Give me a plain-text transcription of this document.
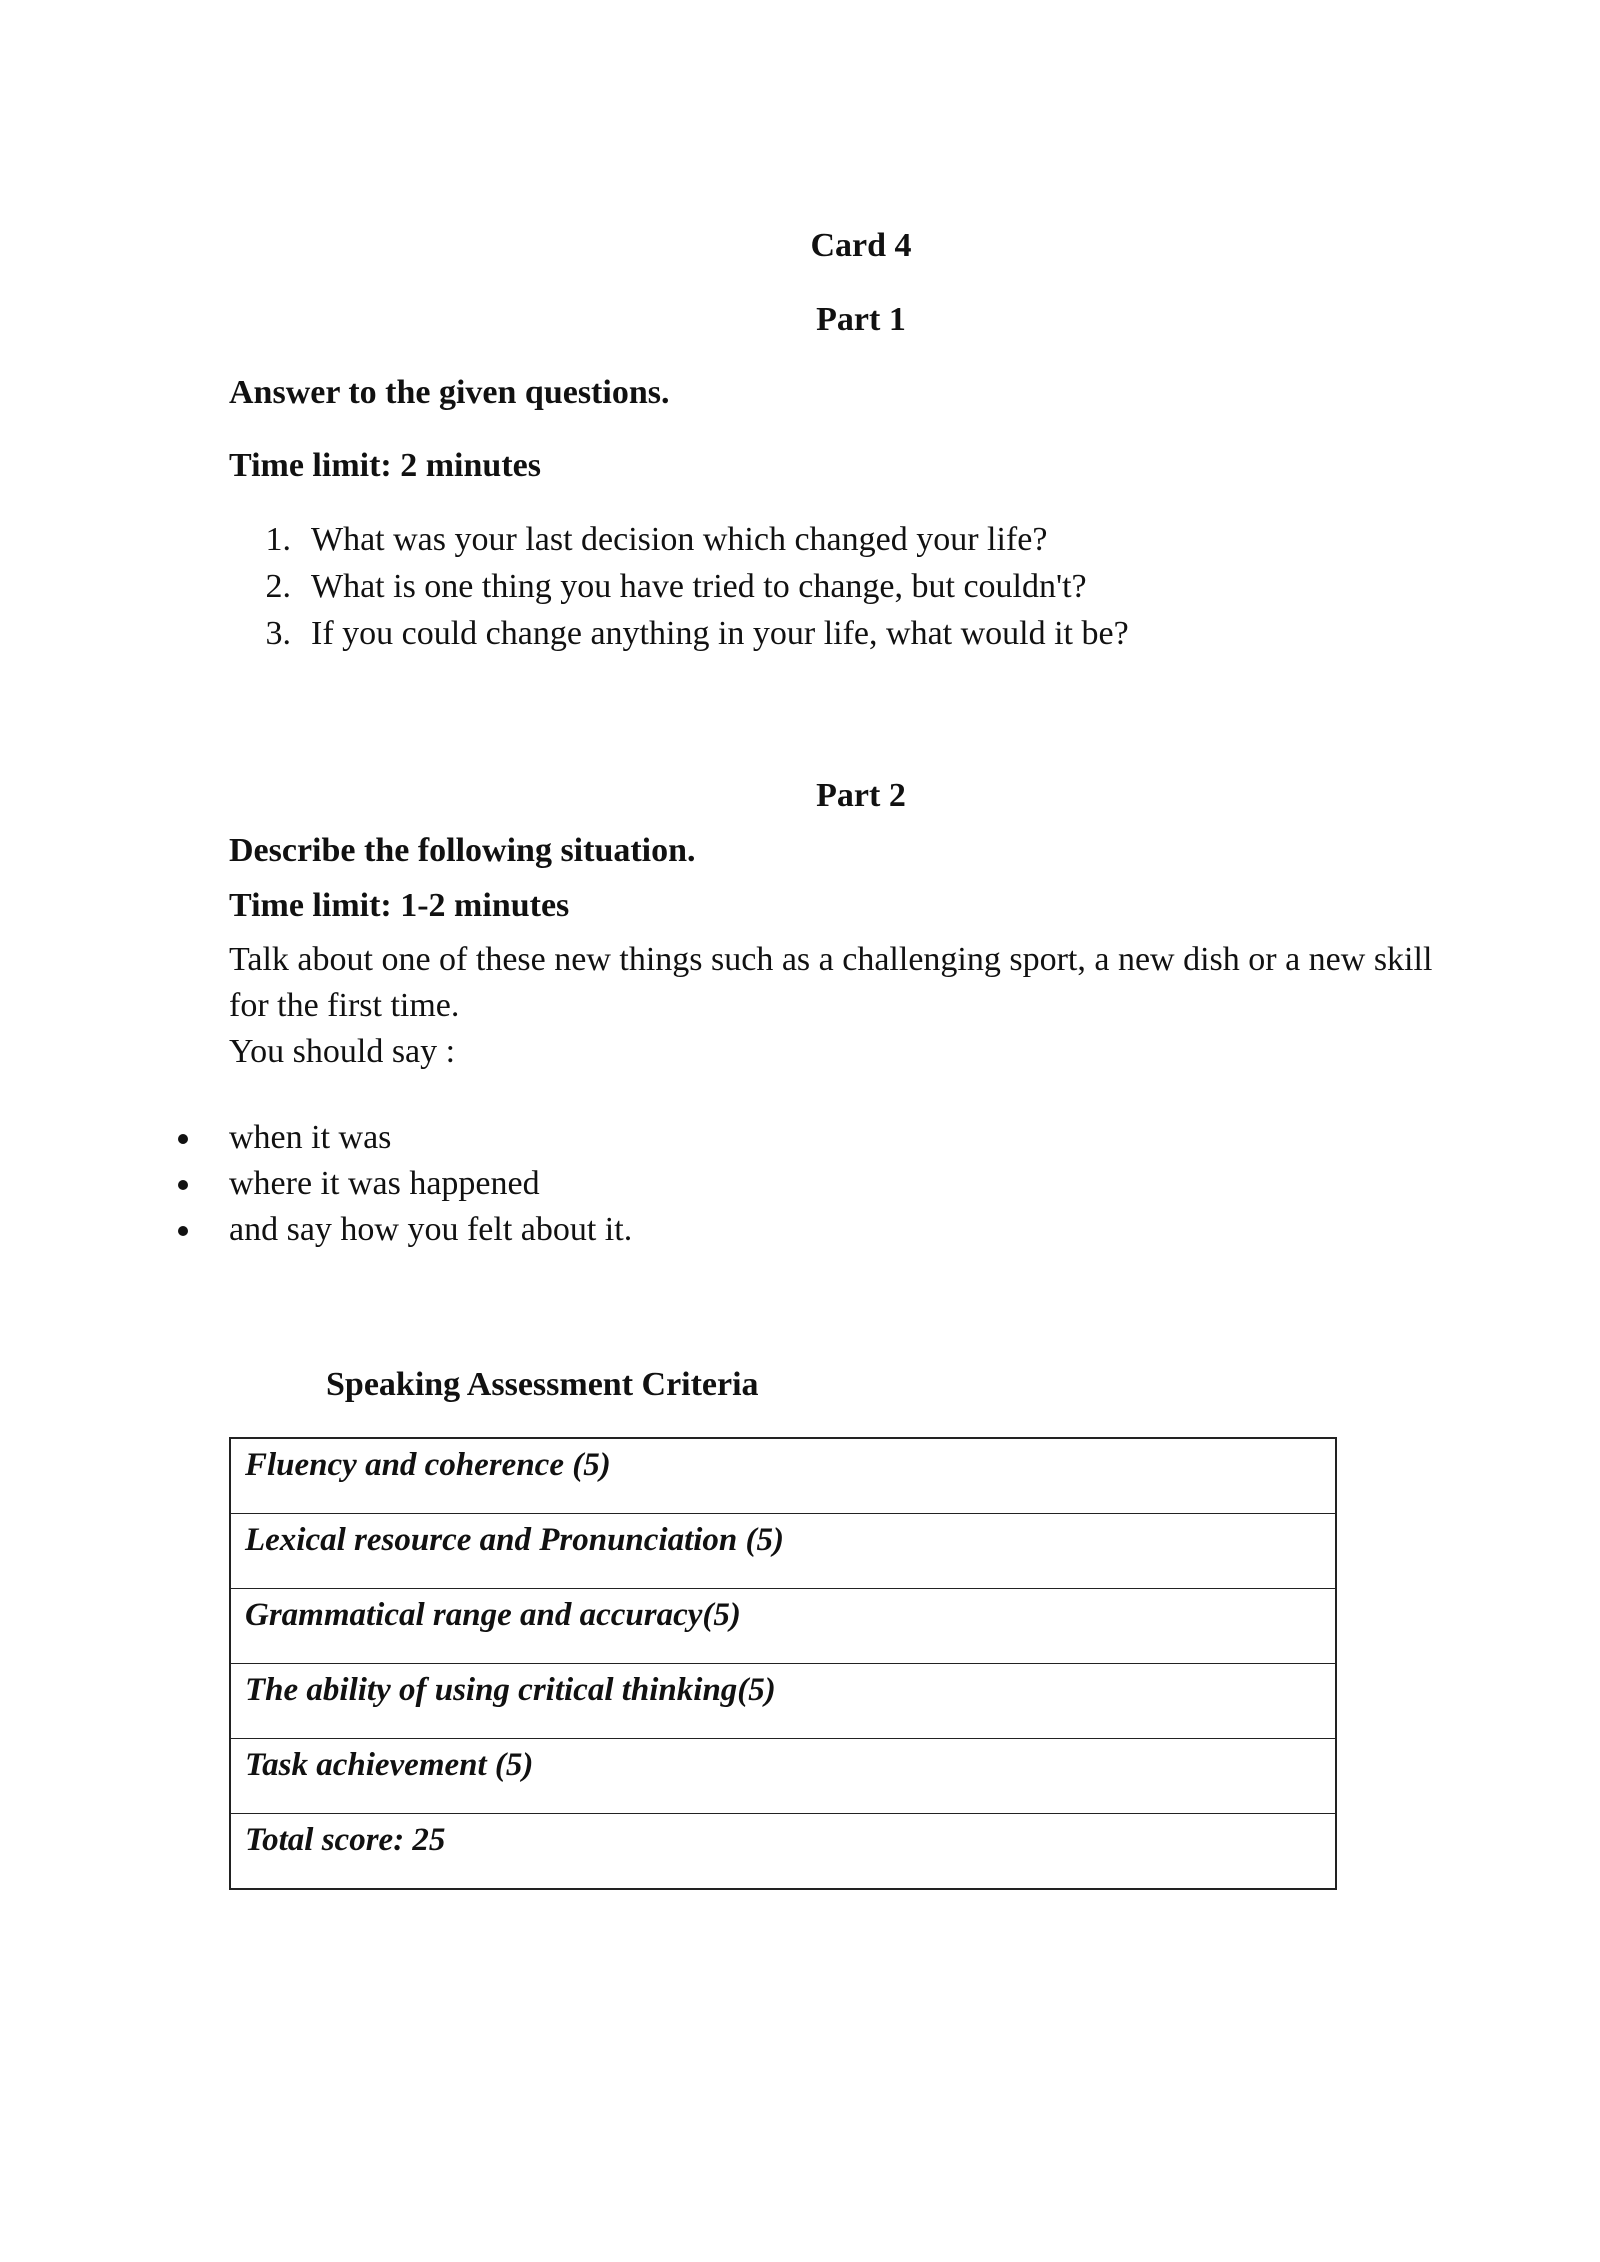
Card 4
Part 1
Answer to the given questions.
Time limit: 2 minutes
1. What was your last decision which changed your life?
2. What is one thing you have tried to change, but couldn't?
3. If you could change anything in your life, what would it be?
Part 2
Describe the following situation.
Time limit: 1-2 minutes
Talk about one of these new things such as a challenging sport, a new dish or a new skill
for the first time.
You should say :
when it was
where it was happened
and say how you felt about it.
Speaking Assessment Criteria
Fluency and coherence (5)
Lexical resource and Pronunciation (5)
Grammatical range and accuracy(5)
The ability of using critical thinking(5)
Task achievement (5)
Total score: 25
